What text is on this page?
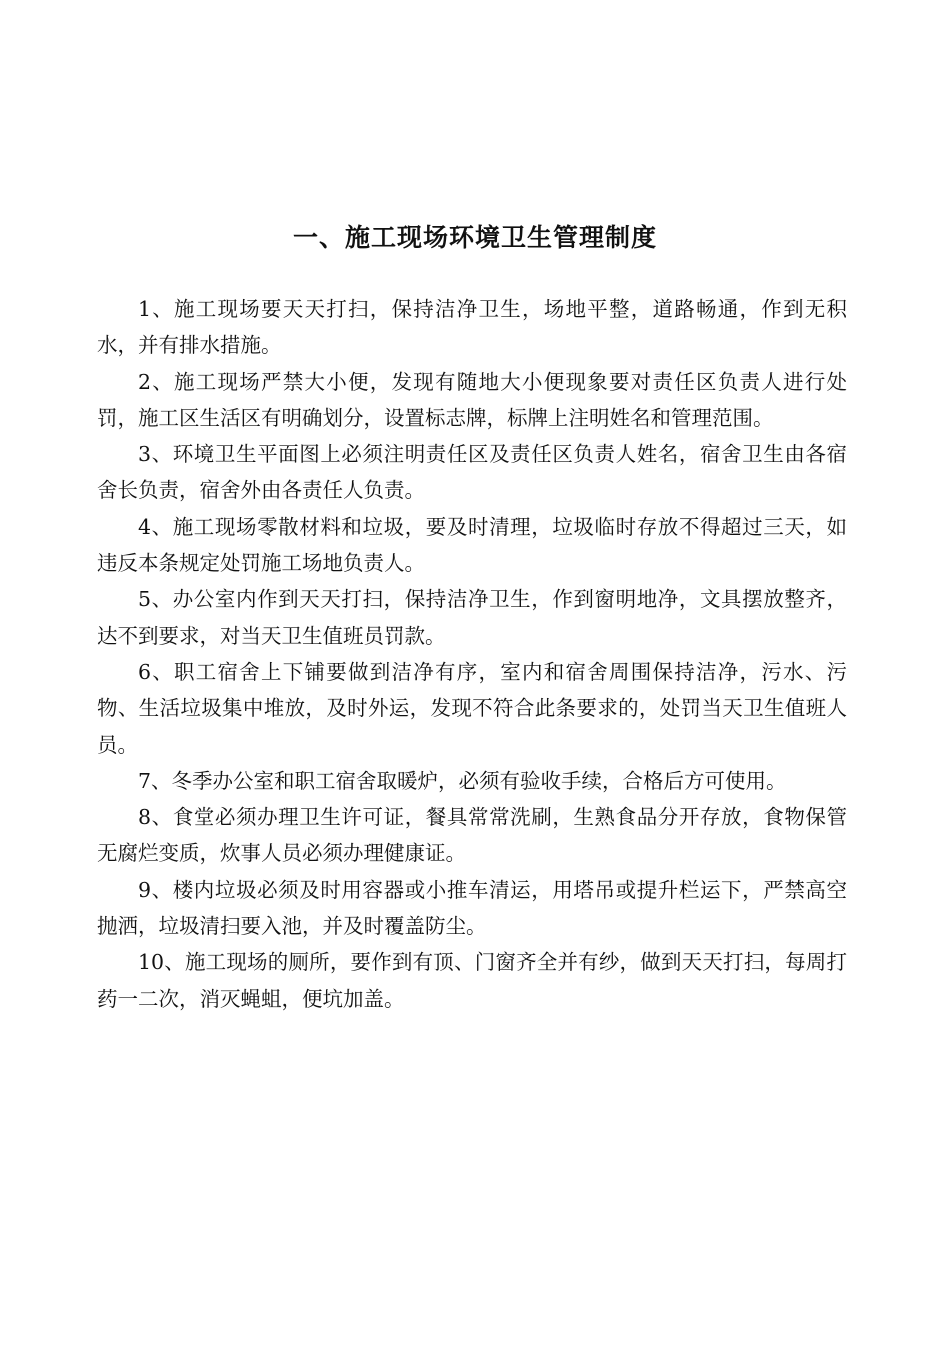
一、施工现场环境卫生管理制度

1、施工现场要天天打扫，保持洁净卫生，场地平整，道路畅通，作到无积水，并有排水措施。

2、施工现场严禁大小便，发现有随地大小便现象要对责任区负责人进行处罚，施工区生活区有明确划分，设置标志牌，标牌上注明姓名和管理范围。

3、环境卫生平面图上必须注明责任区及责任区负责人姓名，宿舍卫生由各宿舍长负责，宿舍外由各责任人负责。

4、施工现场零散材料和垃圾，要及时清理，垃圾临时存放不得超过三天，如违反本条规定处罚施工场地负责人。

5、办公室内作到天天打扫，保持洁净卫生，作到窗明地净，文具摆放整齐，达不到要求，对当天卫生值班员罚款。

6、职工宿舍上下铺要做到洁净有序，室内和宿舍周围保持洁净，污水、污物、生活垃圾集中堆放，及时外运，发现不符合此条要求的，处罚当天卫生值班人员。

7、冬季办公室和职工宿舍取暖炉，必须有验收手续，合格后方可使用。

8、食堂必须办理卫生许可证，餐具常常洗刷，生熟食品分开存放，食物保管无腐烂变质，炊事人员必须办理健康证。

9、楼内垃圾必须及时用容器或小推车清运，用塔吊或提升栏运下，严禁高空抛洒，垃圾清扫要入池，并及时覆盖防尘。

10、施工现场的厕所，要作到有顶、门窗齐全并有纱，做到天天打扫，每周打药一二次，消灭蝇蛆，便坑加盖。
